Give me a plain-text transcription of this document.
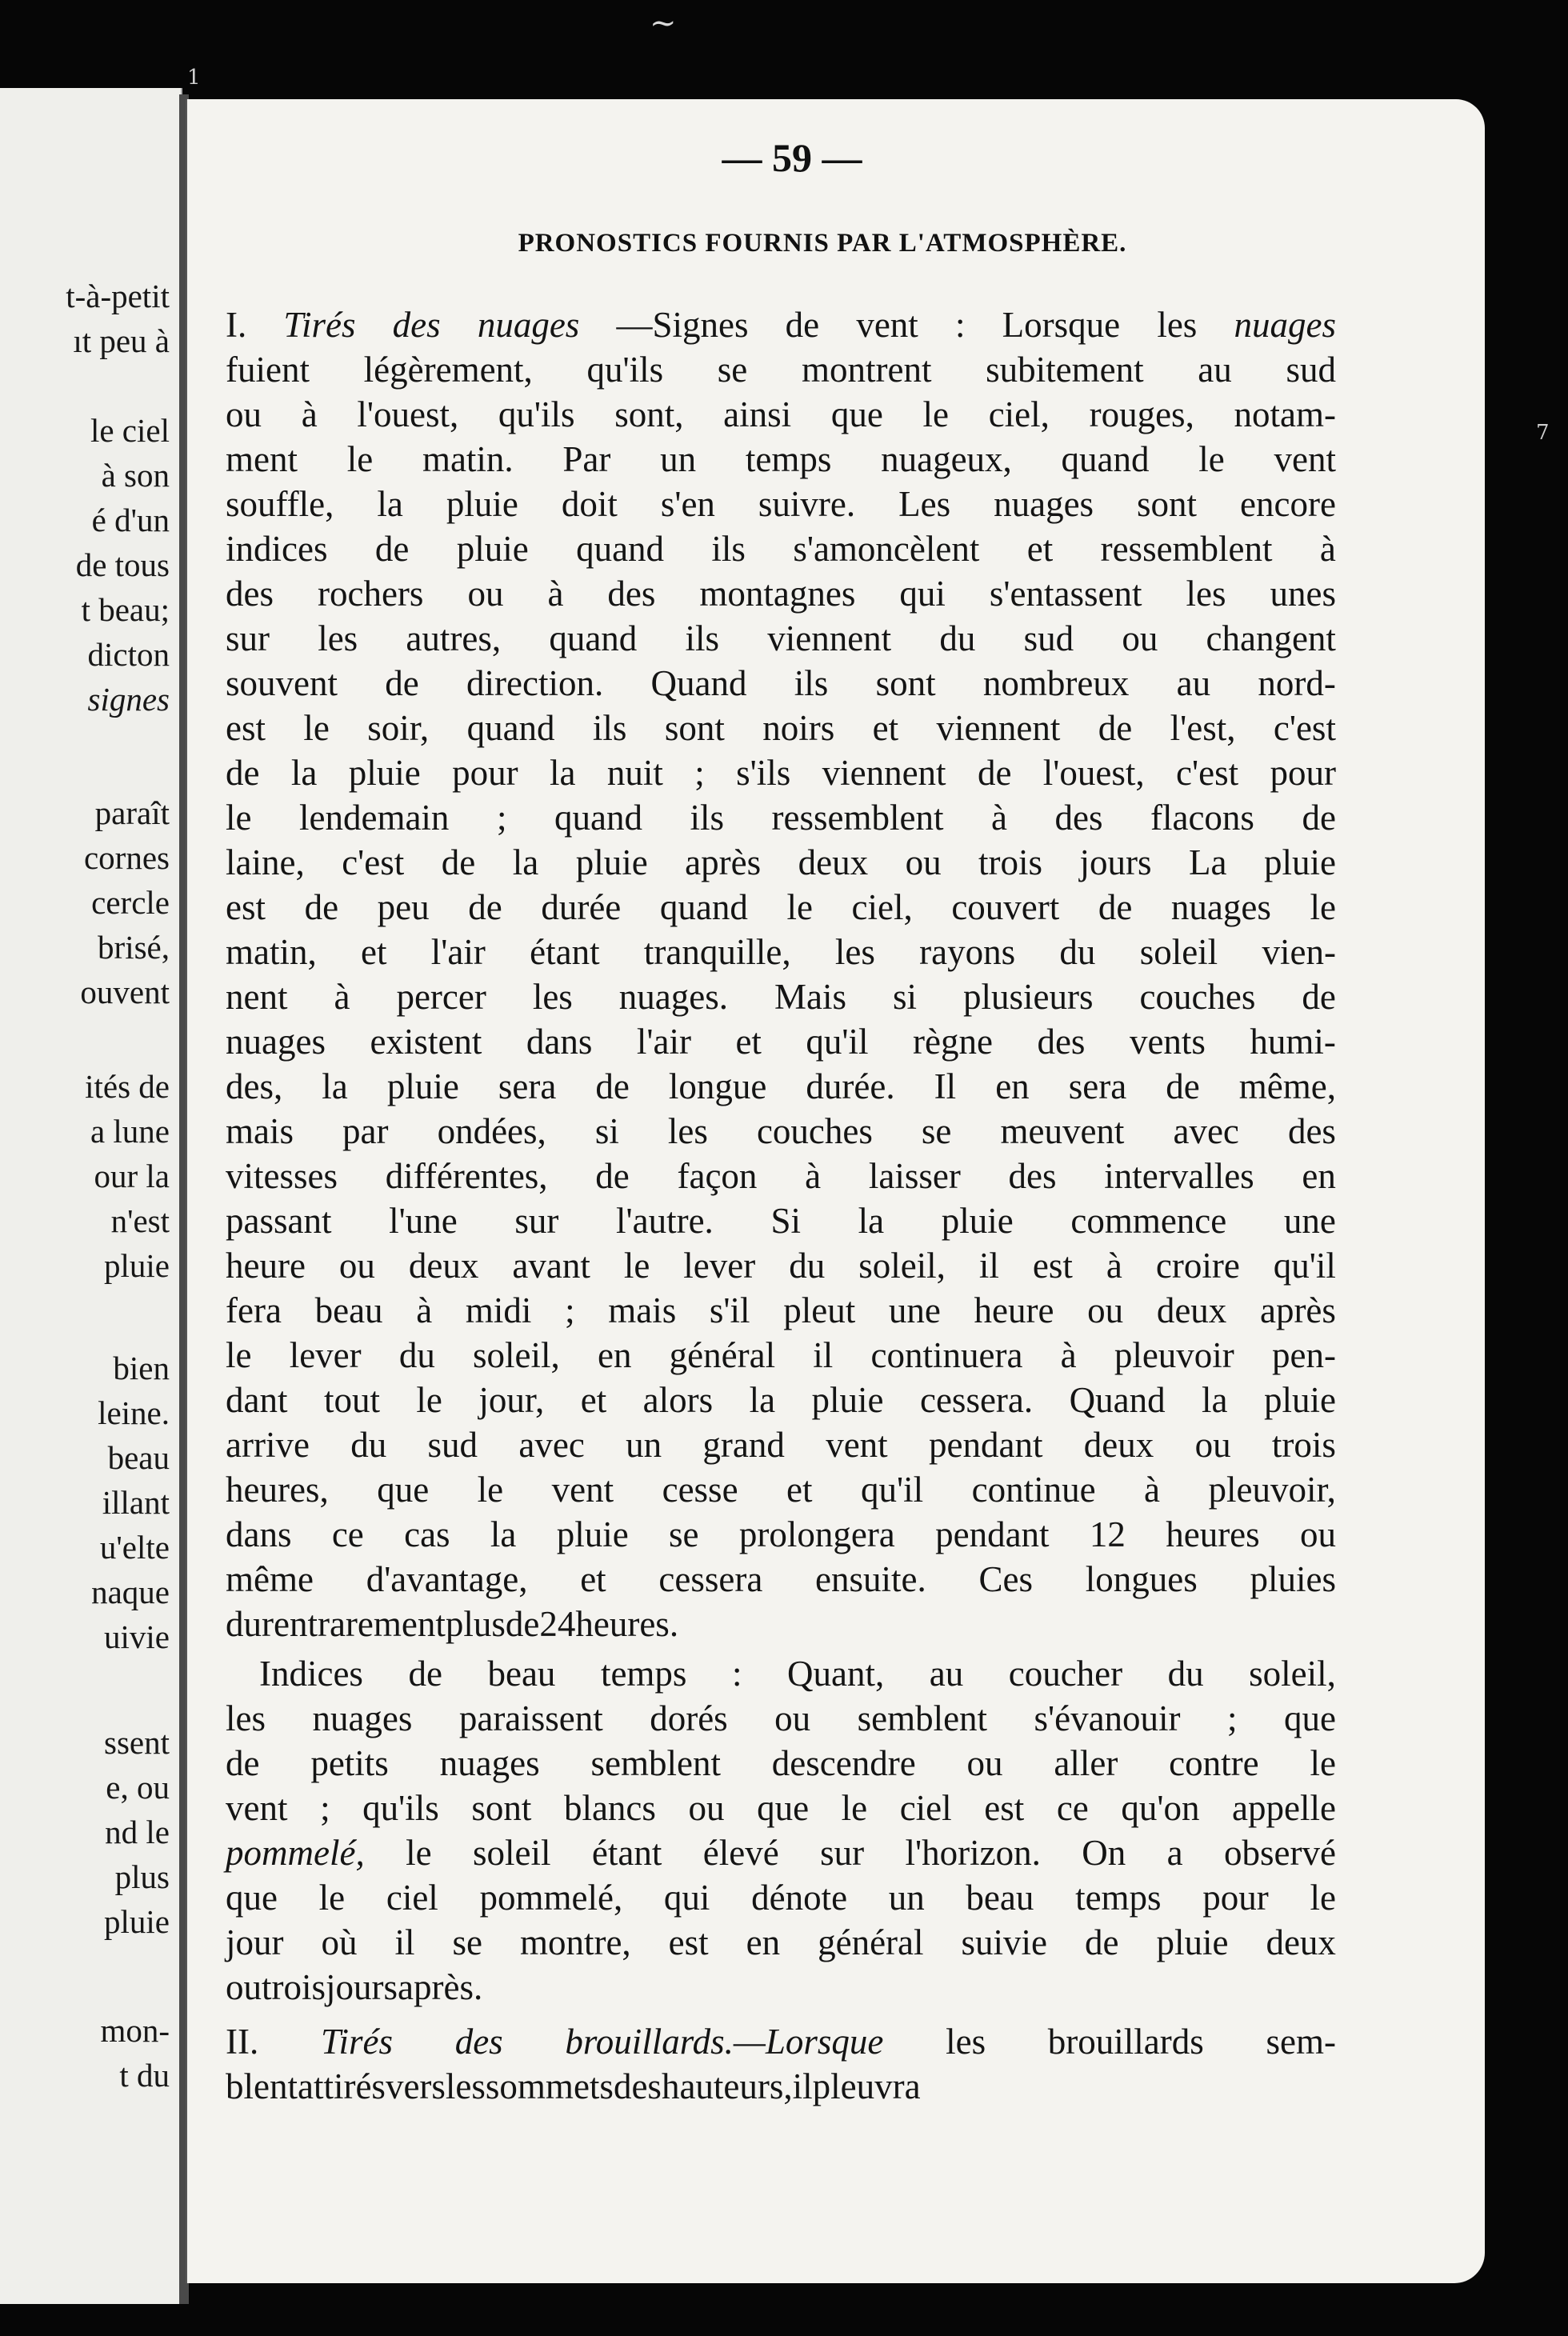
~
1
7
t-à-petit
ıt peu à
le ciel
à son
é d'un
de tous
t beau;
dicton
signes
paraît
cornes
cercle
brisé,
ouvent
ités de
a lune
our la
n'est
pluie
bien
leine.
beau
illant
u'elte
naque
uivie
ssent
e, ou
nd le
plus
pluie
mon-
t du
— 59 —
PRONOSTICS FOURNIS PAR L'ATMOSPHÈRE.
I. Tirés des nuages —Signes de vent : Lorsque les nuages
fuient légèrement, qu'ils se montrent subitement au sud
ou à l'ouest, qu'ils sont, ainsi que le ciel, rouges, notam-
ment le matin. Par un temps nuageux, quand le vent
souffle, la pluie doit s'en suivre. Les nuages sont encore
indices de pluie quand ils s'amoncèlent et ressemblent à
des rochers ou à des montagnes qui s'entassent les unes
sur les autres, quand ils viennent du sud ou changent
souvent de direction. Quand ils sont nombreux au nord-
est le soir, quand ils sont noirs et viennent de l'est, c'est
de la pluie pour la nuit ; s'ils viennent de l'ouest, c'est pour
le lendemain ; quand ils ressemblent à des flacons de
laine, c'est de la pluie après deux ou trois jours La pluie
est de peu de durée quand le ciel, couvert de nuages le
matin, et l'air étant tranquille, les rayons du soleil vien-
nent à percer les nuages. Mais si plusieurs couches de
nuages existent dans l'air et qu'il règne des vents humi-
des, la pluie sera de longue durée. Il en sera de même,
mais par ondées, si les couches se meuvent avec des
vitesses différentes, de façon à laisser des intervalles en
passant l'une sur l'autre. Si la pluie commence une
heure ou deux avant le lever du soleil, il est à croire qu'il
fera beau à midi ; mais s'il pleut une heure ou deux après
le lever du soleil, en général il continuera à pleuvoir pen-
dant tout le jour, et alors la pluie cessera. Quand la pluie
arrive du sud avec un grand vent pendant deux ou trois
heures, que le vent cesse et qu'il continue à pleuvoir,
dans ce cas la pluie se prolongera pendant 12 heures ou
même d'avantage, et cessera ensuite. Ces longues pluies
durentrarementplusde24heures.
Indices de beau temps : Quant, au coucher du soleil,
les nuages paraissent dorés ou semblent s'évanouir ; que
de petits nuages semblent descendre ou aller contre le
vent ; qu'ils sont blancs ou que le ciel est ce qu'on appelle
pommelé, le soleil étant élevé sur l'horizon. On a observé
que le ciel pommelé, qui dénote un beau temps pour le
jour où il se montre, est en général suivie de pluie deux
outroisjoursaprès.
II. Tirés des brouillards.—Lorsque les brouillards sem-
blentattirésverslessommetsdeshauteurs,ilpleuvra
